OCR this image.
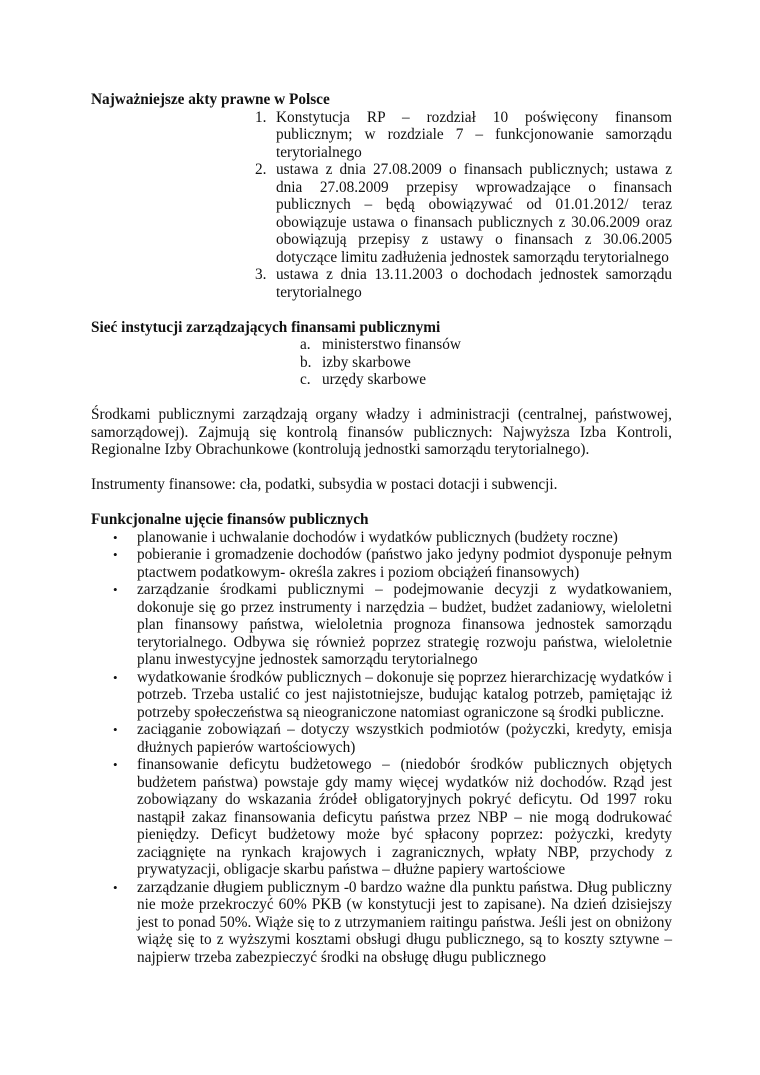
Najważniejsze akty prawne w Polsce
1. Konstytucja RP – rozdział 10 poświęcony finansom publicznym; w rozdziale 7 – funkcjonowanie samorządu terytorialnego
2. ustawa z dnia 27.08.2009 o finansach publicznych; ustawa z dnia 27.08.2009 przepisy wprowadzające o finansach publicznych – będą obowiązywać od 01.01.2012/ teraz obowiązuje ustawa o finansach publicznych z 30.06.2009 oraz obowiązują przepisy z ustawy o finansach z 30.06.2005 dotyczące limitu zadłużenia jednostek samorządu terytorialnego
3. ustawa z dnia 13.11.2003 o dochodach jednostek samorządu terytorialnego
Sieć instytucji zarządzających finansami publicznymi
a. ministerstwo finansów
b. izby skarbowe
c. urzędy skarbowe

Środkami publicznymi zarządzają organy władzy i administracji (centralnej, państwowej, samorządowej). Zajmują się kontrolą finansów publicznych: Najwyższa Izba Kontroli, Regionalne Izby Obrachunkowe (kontrolują jednostki samorządu terytorialnego).

Instrumenty finansowe: cła, podatki, subsydia w postaci dotacji i subwencji.

Funkcjonalne ujęcie finansów publicznych
• planowanie i uchwalanie dochodów i wydatków publicznych (budżety roczne)
• pobieranie i gromadzenie dochodów (państwo jako jedyny podmiot dysponuje pełnym ptactwem podatkowym- określa zakres i poziom obciążeń finansowych)
• zarządzanie środkami publicznymi – podejmowanie decyzji z wydatkowaniem, dokonuje się go przez instrumenty i narzędzia – budżet, budżet zadaniowy, wieloletni plan finansowy państwa, wieloletnia prognoza finansowa jednostek samorządu terytorialnego. Odbywa się również poprzez strategię rozwoju państwa, wieloletnie planu inwestycyjne jednostek samorządu terytorialnego
• wydatkowanie środków publicznych – dokonuje się poprzez hierarchizację wydatków i potrzeb. Trzeba ustalić co jest najistotniejsze, budując katalog potrzeb, pamiętając iż potrzeby społeczeństwa są nieograniczone natomiast ograniczone są środki publiczne.
• zaciąganie zobowiązań – dotyczy wszystkich podmiotów (pożyczki, kredyty, emisja dłużnych papierów wartościowych)
• finansowanie deficytu budżetowego – (niedobór środków publicznych objętych budżetem państwa) powstaje gdy mamy więcej wydatków niż dochodów. Rząd jest zobowiązany do wskazania źródeł obligatoryjnych pokryć deficytu. Od 1997 roku nastąpił zakaz finansowania deficytu państwa przez NBP – nie mogą dodrukować pieniędzy. Deficyt budżetowy może być spłacony poprzez: pożyczki, kredyty zaciągnięte na rynkach krajowych i zagranicznych, wpłaty NBP, przychody z prywatyzacji, obligacje skarbu państwa – dłużne papiery wartościowe
• zarządzanie długiem publicznym -0 bardzo ważne dla punktu państwa. Dług publiczny nie może przekroczyć 60% PKB (w konstytucji jest to zapisane). Na dzień dzisiejszy jest to ponad 50%. Wiąże się to z utrzymaniem raitingu państwa. Jeśli jest on obniżony wiążę się to z wyższymi kosztami obsługi długu publicznego, są to koszty sztywne – najpierw trzeba zabezpieczyć środki na obsługę długu publicznego
